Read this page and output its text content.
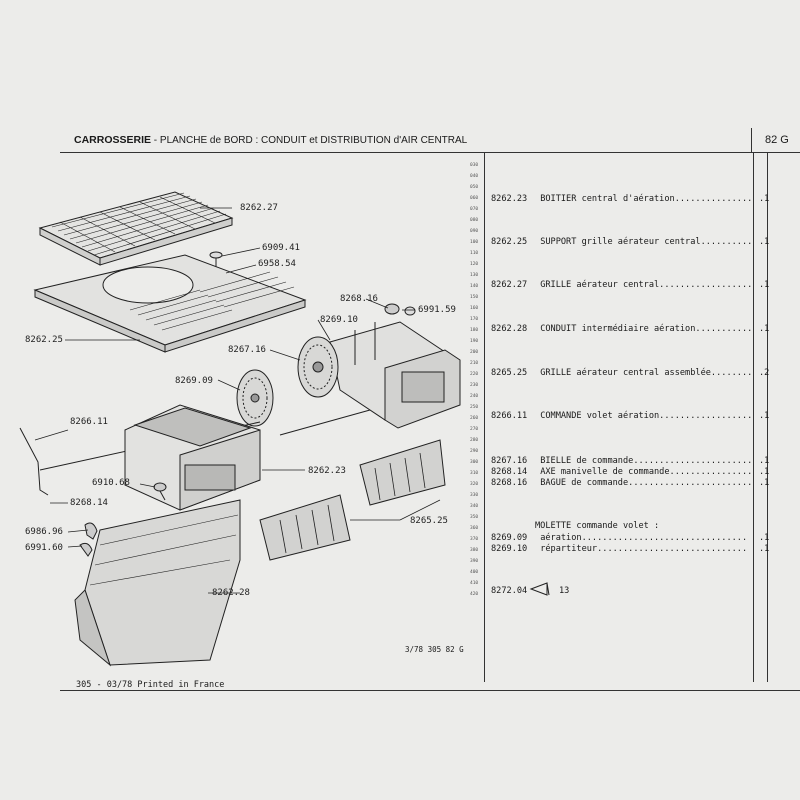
CARROSSERIE - PLANCHE de BORD : CONDUIT et DISTRIBUTION d'AIR CENTRAL	82 G
8262.27
6909.41
6958.54
8268.16
6991.59
8269.10
8262.25
8267.16
8269.09
8266.11
8262.23
6910.68
8268.14
8265.25
6986.96
6991.60
8262.28
030
040
050
060
070
080
090
100
110
120
130
140
150
160
170
180
190
200
210
220
230
240
250
260
270
280
290
300
310
320
330
340
350
360
370
380
390
400
410
420
8262.23 BOITIER central d'aération............... .1
8262.25 SUPPORT grille aérateur central.......... .1
8262.27 GRILLE aérateur central.................. .1
8262.28 CONDUIT intermédiaire aération........... .1
8265.25 GRILLE aérateur central assemblée........ .2
8266.11 COMMANDE volet aération.................. .1
8267.16 BIELLE de commande....................... .1
8268.14 AXE manivelle de commande................ .1
8268.16 BAGUE de commande........................ .1
MOLETTE commande volet :
8269.09 aération................................ .1
8269.10 répartiteur............................. .1
8272.04	13
3/78 305 82 G
305 - 03/78 Printed in France
